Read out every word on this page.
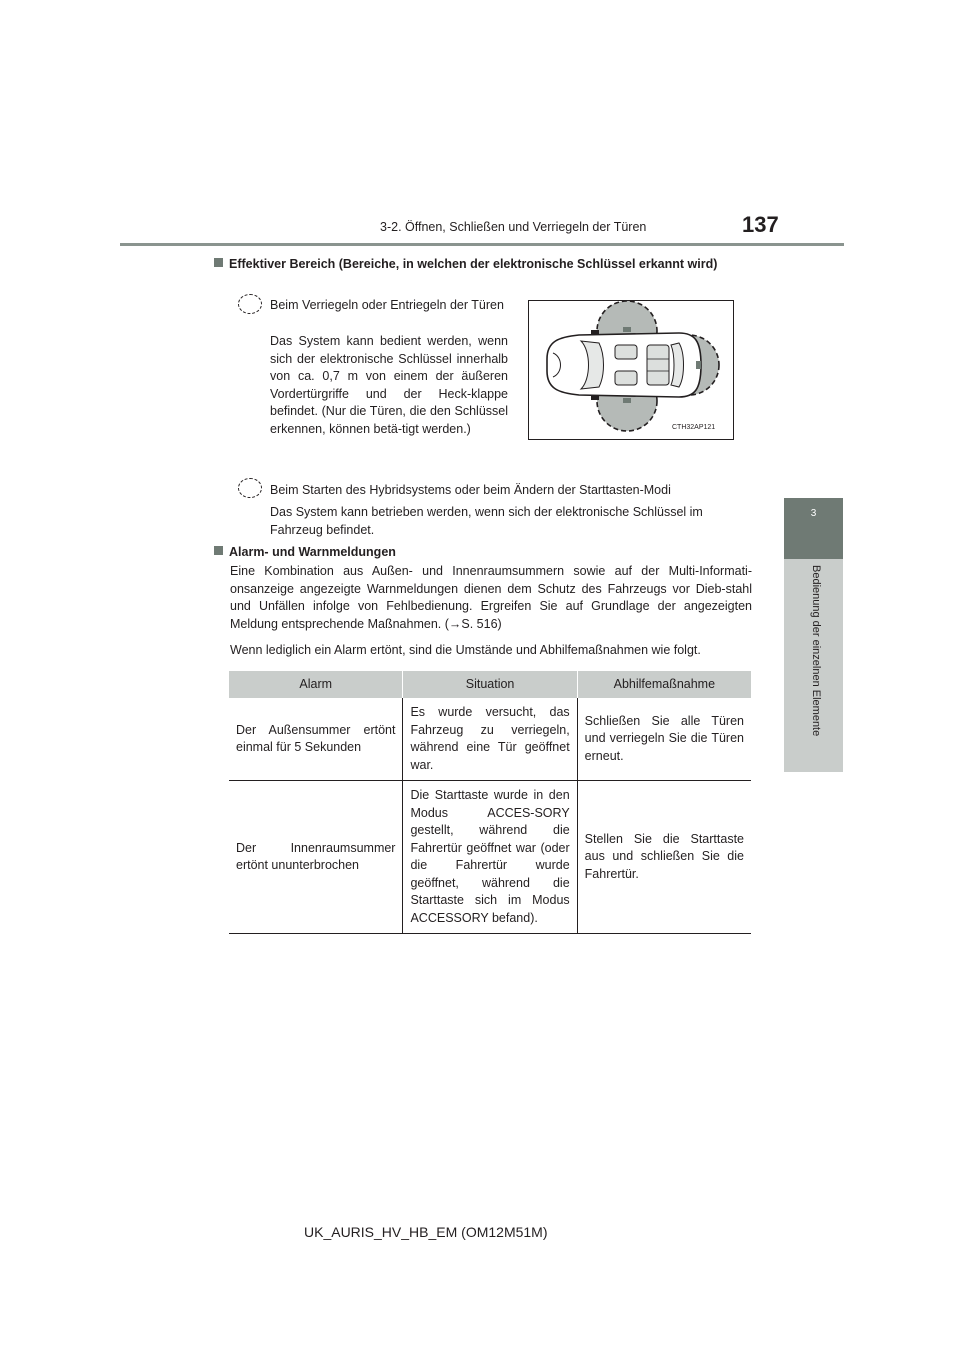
3-2. Öffnen, Schließen und Verriegeln der Türen	137
3
Bedienung der einzelnen Elemente
Effektiver Bereich (Bereiche, in welchen der elektronische Schlüssel erkannt wird)
Beim Verriegeln oder Entriegeln der Türen
Das System kann bedient werden, wenn sich der elektronische Schlüssel innerhalb von ca. 0,7 m von einem der äußeren Vordertürgriffe und der Heck-klappe befindet. (Nur die Türen, die den Schlüssel erkennen, können betä-tigt werden.)	CTH32AP121
Beim Starten des Hybridsystems oder beim Ändern der Starttasten-Modi
Das System kann betrieben werden, wenn sich der elektronische Schlüssel im Fahrzeug befindet.
Alarm- und Warnmeldungen
Eine Kombination aus Außen- und Innenraumsummern sowie auf der Multi-Informati-onsanzeige angezeigte Warnmeldungen dienen dem Schutz des Fahrzeugs vor Dieb-stahl und Unfällen infolge von Fehlbedienung. Ergreifen Sie auf Grundlage der angezeigten Meldung entsprechende Maßnahmen. (→S. 516)
Wenn lediglich ein Alarm ertönt, sind die Umstände und Abhilfemaßnahmen wie folgt.
Alarm	Situation	Abhilfemaßnahme
Der Außensummer ertönt einmal für 5 Sekunden	Es wurde versucht, das Fahrzeug zu verriegeln, während eine Tür geöffnet war.	Schließen Sie alle Türen und verriegeln Sie die Türen erneut.
Der Innenraumsummer ertönt ununterbrochen	Die Starttaste wurde in den Modus ACCES-SORY gestellt, während die Fahrertür geöffnet war (oder die Fahrertür wurde geöffnet, während die Starttaste sich im Modus ACCESSORY befand).	Stellen Sie die Starttaste aus und schließen Sie die Fahrertür.
UK_AURIS_HV_HB_EM (OM12M51M)
